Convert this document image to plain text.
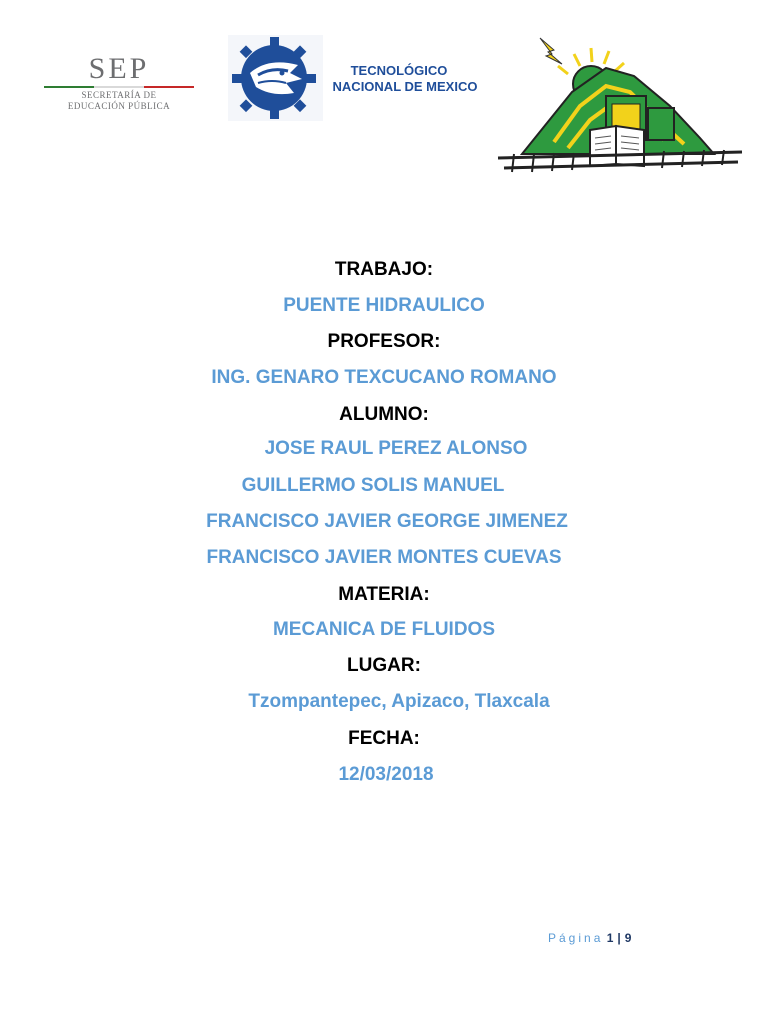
SEP
SECRETARÍA DE
EDUCACIÓN PÚBLICA
TECNOLÓGICO
NACIONAL DE MEXICO
TRABAJO:
PUENTE HIDRAULICO
PROFESOR:
ING. GENARO TEXCUCANO ROMANO
ALUMNO:
JOSE RAUL PEREZ ALONSO
GUILLERMO SOLIS MANUEL
FRANCISCO JAVIER GEORGE JIMENEZ
FRANCISCO JAVIER MONTES CUEVAS
MATERIA:
MECANICA DE FLUIDOS
LUGAR:
Tzompantepec, Apizaco, Tlaxcala
FECHA:
12/03/2018
Página 1 | 9
